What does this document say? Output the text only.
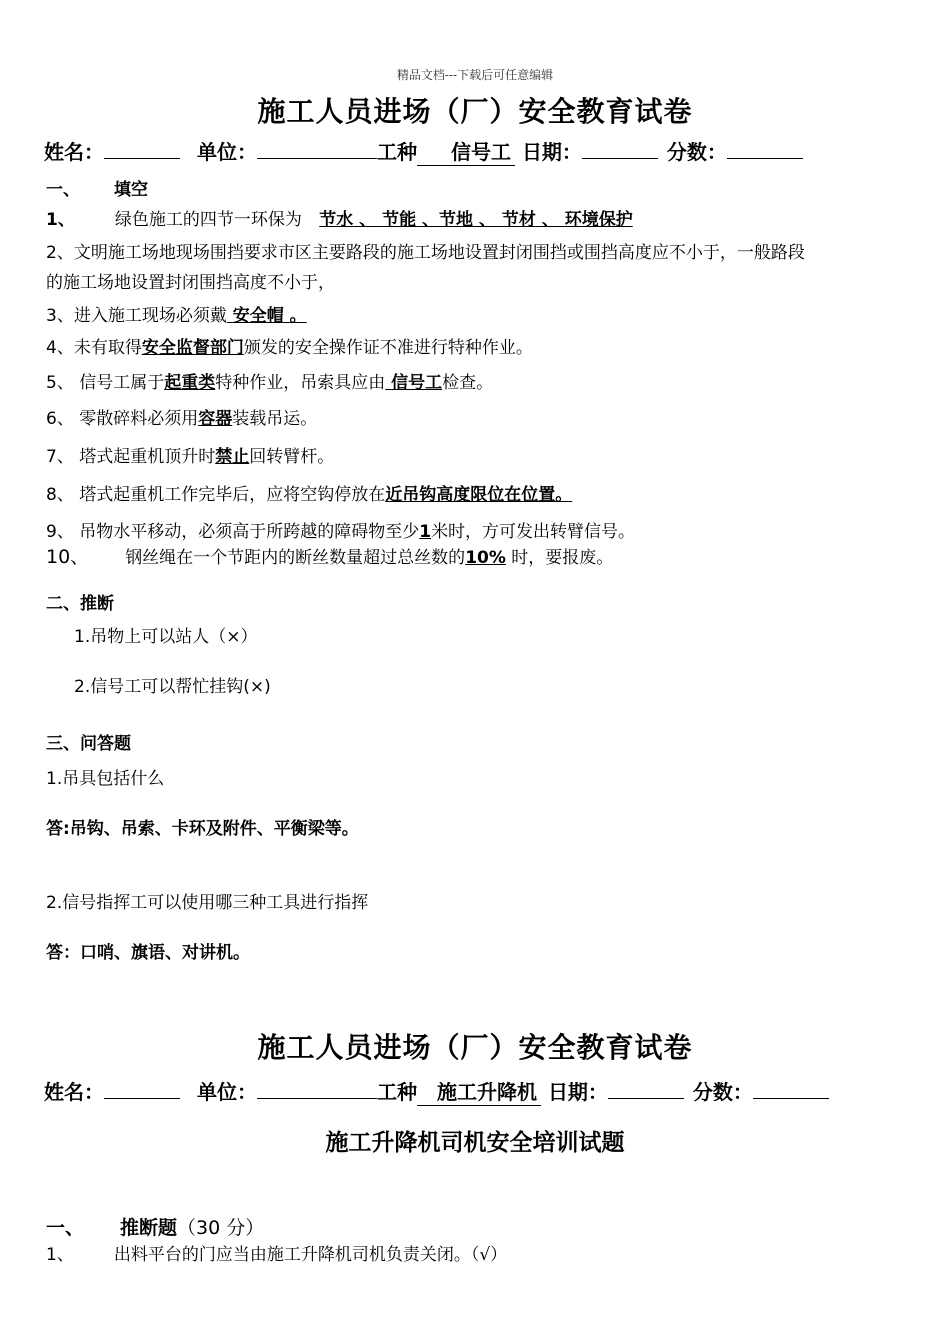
精品文档---下载后可任意编辑
施工人员进场（厂）安全教育试卷
姓名：	单位：	工种 信号工 日期：	分数：
一、 填空
1、 绿色施工的四节一环保为 节水 、 节能 、节地 、 节材 、 环境保护
2、文明施工场地现场围挡要求市区主要路段的施工场地设置封闭围挡或围挡高度应不小于，一般路段
的施工场地设置封闭围挡高度不小于，
3、进入施工现场必须戴 安全帽 。
4、未有取得安全监督部门颁发的安全操作证不准进行特种作业。
5、 信号工属于起重类特种作业，吊索具应由 信号工检查。
6、 零散碎料必须用容器装载吊运。
7、 塔式起重机顶升时禁止回转臂杆。
8、 塔式起重机工作完毕后，应将空钩停放在近吊钩高度限位在位置。
9、 吊物水平移动，必须高于所跨越的障碍物至少1米时，方可发出转臂信号。
10、 钢丝绳在一个节距内的断丝数量超过总丝数的10% 时，要报废。
二、推断
1.吊物上可以站人（×）
2.信号工可以帮忙挂钩(×)
三、问答题
1.吊具包括什么
答:吊钩、吊索、卡环及附件、平衡梁等。
2.信号指挥工可以使用哪三种工具进行指挥
答：口哨、旗语、对讲机。
施工人员进场（厂）安全教育试卷
姓名：	单位：	工种 施工升降机 日期：	分数：
施工升降机司机安全培训试题
一、 推断题（30 分）
1、 出料平台的门应当由施工升降机司机负责关闭。（√）
